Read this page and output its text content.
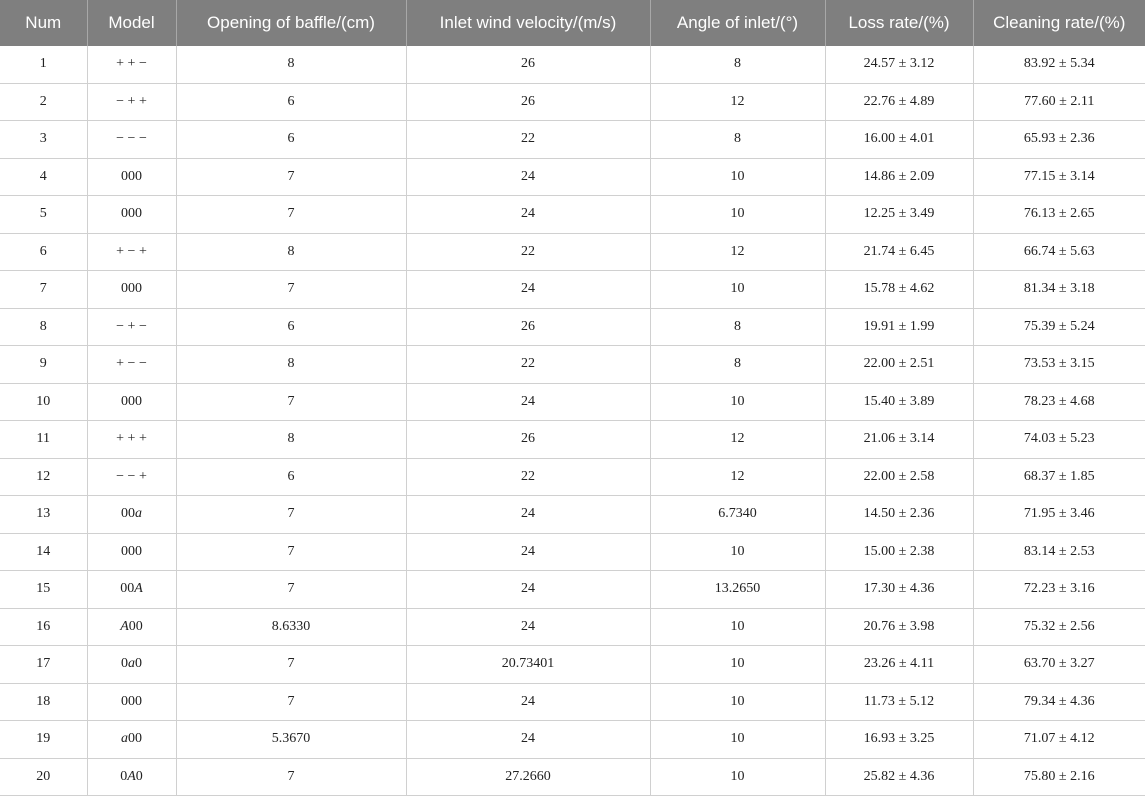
Num	Model	Opening of baffle/(cm)	Inlet wind velocity/(m/s)	Angle of inlet/(°)	Loss rate/(%)	Cleaning rate/(%)
1	+ + −	8	26	8	24.57 ± 3.12	83.92 ± 5.34
2	− + +	6	26	12	22.76 ± 4.89	77.60 ± 2.11
3	− − −	6	22	8	16.00 ± 4.01	65.93 ± 2.36
4	000	7	24	10	14.86 ± 2.09	77.15 ± 3.14
5	000	7	24	10	12.25 ± 3.49	76.13 ± 2.65
6	+ − +	8	22	12	21.74 ± 6.45	66.74 ± 5.63
7	000	7	24	10	15.78 ± 4.62	81.34 ± 3.18
8	− + −	6	26	8	19.91 ± 1.99	75.39 ± 5.24
9	+ − −	8	22	8	22.00 ± 2.51	73.53 ± 3.15
10	000	7	24	10	15.40 ± 3.89	78.23 ± 4.68
11	+ + +	8	26	12	21.06 ± 3.14	74.03 ± 5.23
12	− − +	6	22	12	22.00 ± 2.58	68.37 ± 1.85
13	00a	7	24	6.7340	14.50 ± 2.36	71.95 ± 3.46
14	000	7	24	10	15.00 ± 2.38	83.14 ± 2.53
15	00A	7	24	13.2650	17.30 ± 4.36	72.23 ± 3.16
16	A00	8.6330	24	10	20.76 ± 3.98	75.32 ± 2.56
17	0a0	7	20.73401	10	23.26 ± 4.11	63.70 ± 3.27
18	000	7	24	10	11.73 ± 5.12	79.34 ± 4.36
19	a00	5.3670	24	10	16.93 ± 3.25	71.07 ± 4.12
20	0A0	7	27.2660	10	25.82 ± 4.36	75.80 ± 2.16
